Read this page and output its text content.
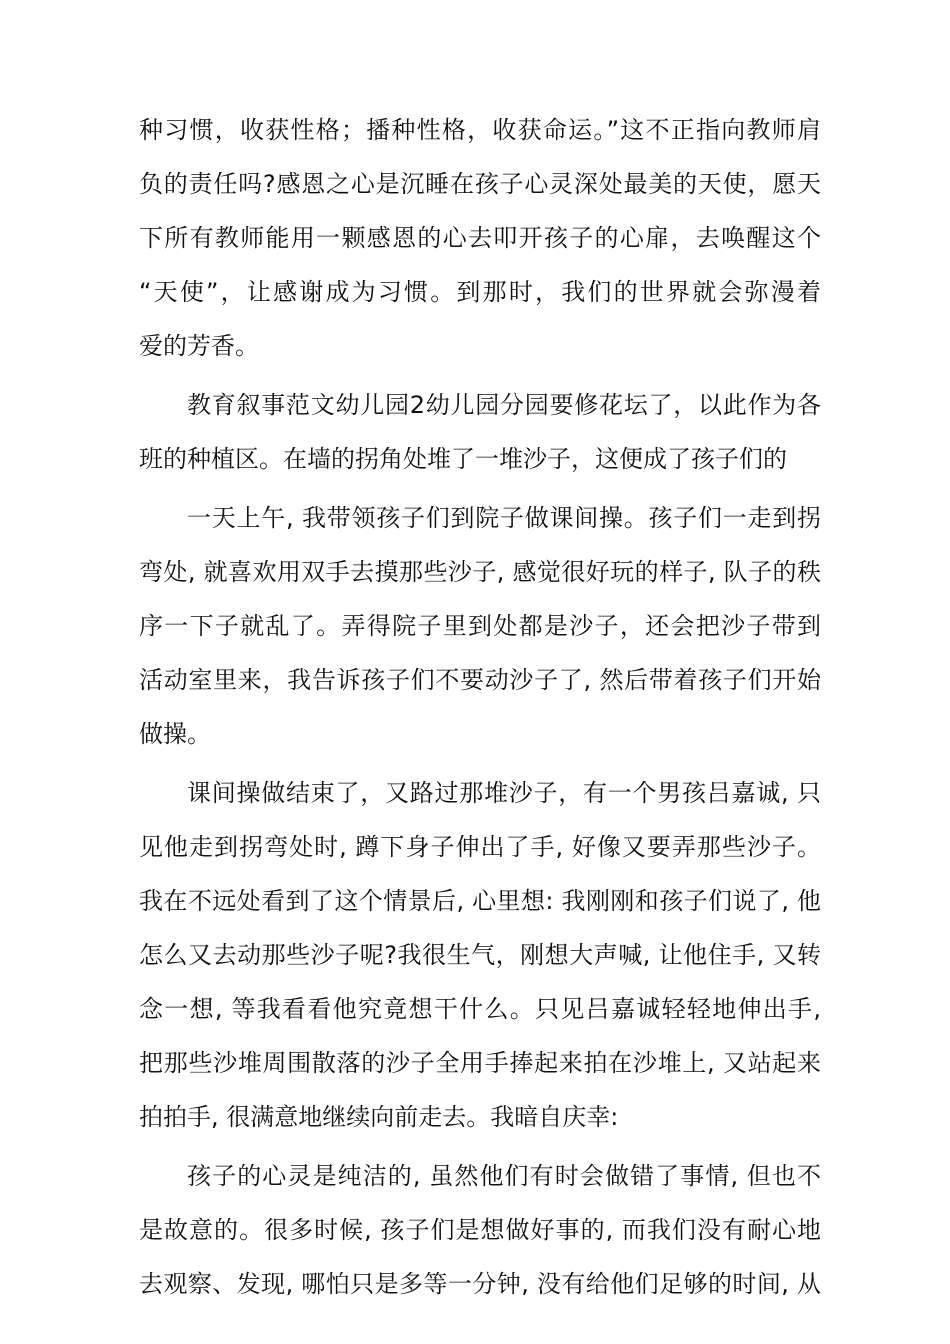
种习惯，收获性格；播种性格，收获命运。”这不正指向教师肩
负的责任吗?感恩之心是沉睡在孩子心灵深处最美的天使，愿天
下所有教师能用一颗感恩的心去叩开孩子的心扉，去唤醒这个
“天使”，让感谢成为习惯。到那时，我们的世界就会弥漫着
爱的芳香。
教育叙事范文幼儿园2幼儿园分园要修花坛了，以此作为各
班的种植区。在墙的拐角处堆了一堆沙子，这便成了孩子们的
一天上午, 我带领孩子们到院子做课间操。孩子们一走到拐
弯处, 就喜欢用双手去摸那些沙子, 感觉很好玩的样子, 队子的秩
序一下子就乱了。弄得院子里到处都是沙子，还会把沙子带到
活动室里来，我告诉孩子们不要动沙子了, 然后带着孩子们开始
做操。
课间操做结束了，又路过那堆沙子，有一个男孩吕嘉诚, 只
见他走到拐弯处时, 蹲下身子伸出了手, 好像又要弄那些沙子。
我在不远处看到了这个情景后, 心里想: 我刚刚和孩子们说了, 他
怎么又去动那些沙子呢?我很生气，刚想大声喊, 让他住手, 又转
念一想, 等我看看他究竟想干什么。只见吕嘉诚轻轻地伸出手,
把那些沙堆周围散落的沙子全用手捧起来拍在沙堆上, 又站起来
拍拍手, 很满意地继续向前走去。我暗自庆幸:
孩子的心灵是纯洁的, 虽然他们有时会做错了事情, 但也不
是故意的。很多时候, 孩子们是想做好事的, 而我们没有耐心地
去观察、发现, 哪怕只是多等一分钟, 没有给他们足够的时间, 从
